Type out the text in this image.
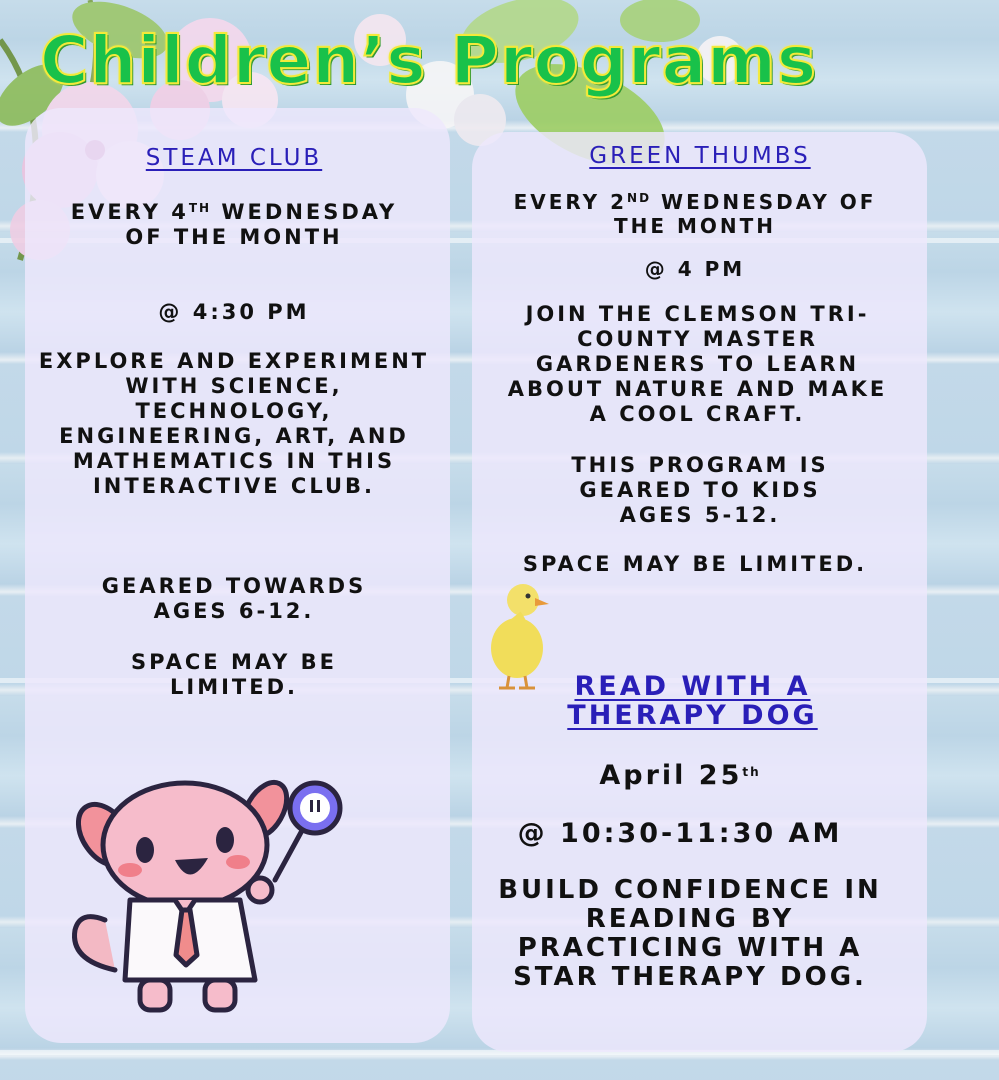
Children’s Programs
STEAM CLUB
EVERY 4TH WEDNESDAY OF THE MONTH
@ 4:30 PM
EXPLORE AND EXPERIMENT WITH SCIENCE, TECHNOLOGY, ENGINEERING, ART, AND MATHEMATICS IN THIS INTERACTIVE CLUB.
GEARED TOWARDS AGES 6-12.
SPACE MAY BE LIMITED.
GREEN THUMBS
EVERY 2ND WEDNESDAY OF THE MONTH
@ 4 PM
JOIN THE CLEMSON TRI-COUNTY MASTER GARDENERS TO LEARN ABOUT NATURE AND MAKE A COOL CRAFT.
THIS PROGRAM IS GEARED TO KIDS AGES 5-12.
SPACE MAY BE LIMITED.
READ WITH A THERAPY DOG
April 25th
@ 10:30-11:30 AM
BUILD CONFIDENCE IN READING BY PRACTICING WITH A STAR THERAPY DOG.
